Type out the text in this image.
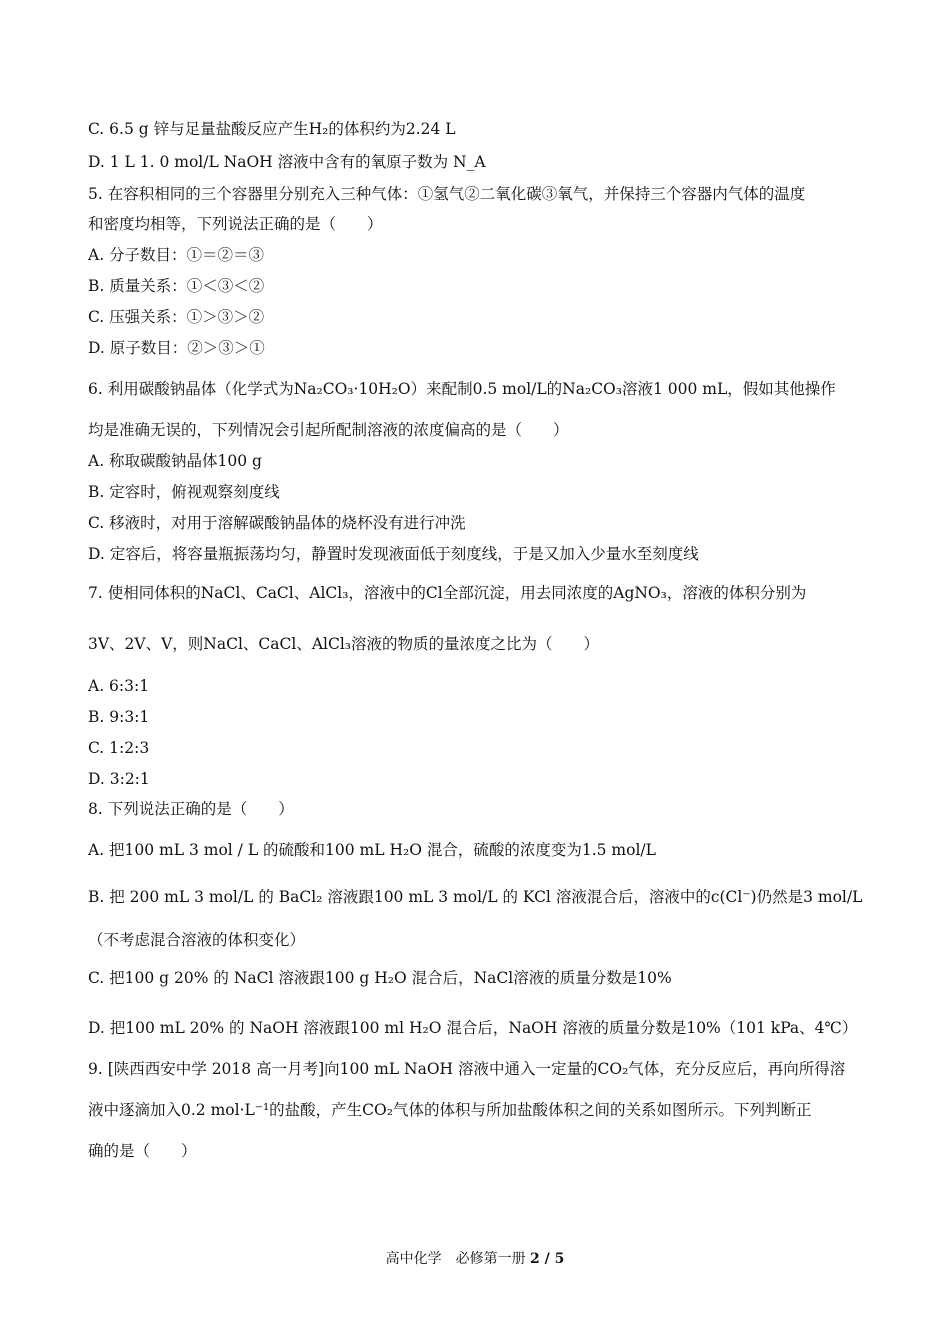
C. 6.5 g 锌与足量盐酸反应产生H₂的体积约为2.24 L
D. 1 L 1. 0 mol/L NaOH 溶液中含有的氧原子数为 N_A
5. 在容积相同的三个容器里分别充入三种气体：①氢气②二氧化碳③氧气，并保持三个容器内气体的温度
和密度均相等，下列说法正确的是（　　）
A. 分子数目：①＝②＝③
B. 质量关系：①＜③＜②
C. 压强关系：①＞③＞②
D. 原子数目：②＞③＞①
6. 利用碳酸钠晶体（化学式为Na₂CO₃·10H₂O）来配制0.5 mol/L的Na₂CO₃溶液1 000 mL，假如其他操作
均是准确无误的，下列情况会引起所配制溶液的浓度偏高的是（　　）
A. 称取碳酸钠晶体100 g
B. 定容时，俯视观察刻度线
C. 移液时，对用于溶解碳酸钠晶体的烧杯没有进行冲洗
D. 定容后，将容量瓶振荡均匀，静置时发现液面低于刻度线，于是又加入少量水至刻度线
7. 使相同体积的NaCl、CaCl、AlCl₃，溶液中的Cl全部沉淀，用去同浓度的AgNO₃，溶液的体积分别为
3V、2V、V，则NaCl、CaCl、AlCl₃溶液的物质的量浓度之比为（　　）
A. 6:3:1
B. 9:3:1
C. 1:2:3
D. 3:2:1
8. 下列说法正确的是（　　）
A. 把100 mL 3 mol / L 的硫酸和100 mL H₂O 混合，硫酸的浓度变为1.5 mol/L
B. 把 200 mL 3 mol/L 的 BaCl₂ 溶液跟100 mL 3 mol/L 的 KCl 溶液混合后，溶液中的c(Cl⁻)仍然是3 mol/L
（不考虑混合溶液的体积变化）
C. 把100 g 20% 的 NaCl 溶液跟100 g H₂O 混合后，NaCl溶液的质量分数是10%
D. 把100 mL 20% 的 NaOH 溶液跟100 ml H₂O 混合后，NaOH 溶液的质量分数是10%（101 kPa、4℃）
9. [陕西西安中学 2018 高一月考]向100 mL NaOH 溶液中通入一定量的CO₂气体，充分反应后，再向所得溶
液中逐滴加入0.2 mol·L⁻¹的盐酸，产生CO₂气体的体积与所加盐酸体积之间的关系如图所示。下列判断正
确的是（　　）
高中化学　必修第一册 2 / 5
